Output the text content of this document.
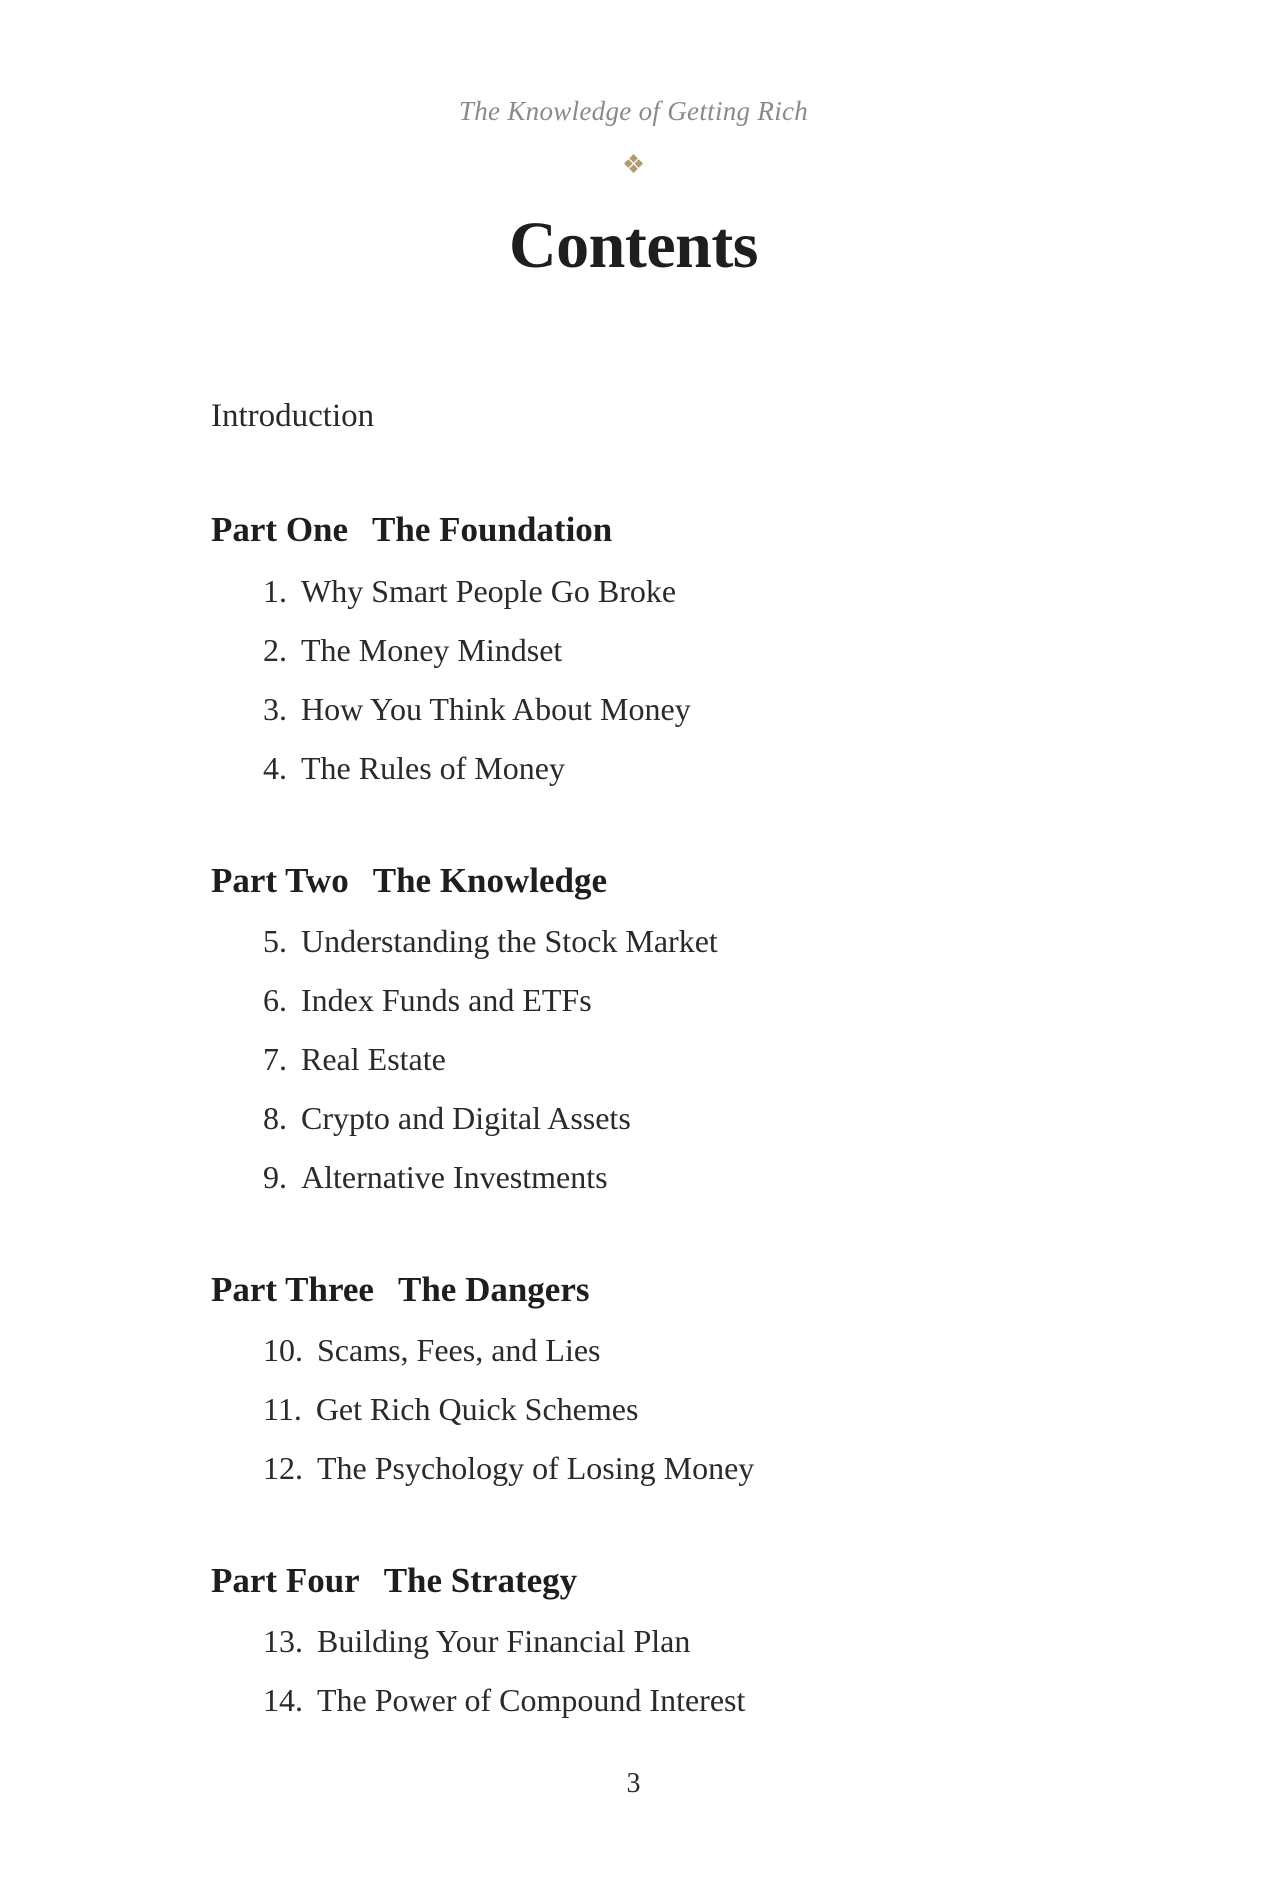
The Knowledge of Getting Rich
❖
Contents
Introduction
Part One The Foundation
1. Why Smart People Go Broke
2. The Money Mindset
3. How You Think About Money
4. The Rules of Money
Part Two The Knowledge
5. Understanding the Stock Market
6. Index Funds and ETFs
7. Real Estate
8. Crypto and Digital Assets
9. Alternative Investments
Part Three The Dangers
10. Scams, Fees, and Lies
11. Get Rich Quick Schemes
12. The Psychology of Losing Money
Part Four The Strategy
13. Building Your Financial Plan
14. The Power of Compound Interest
3
